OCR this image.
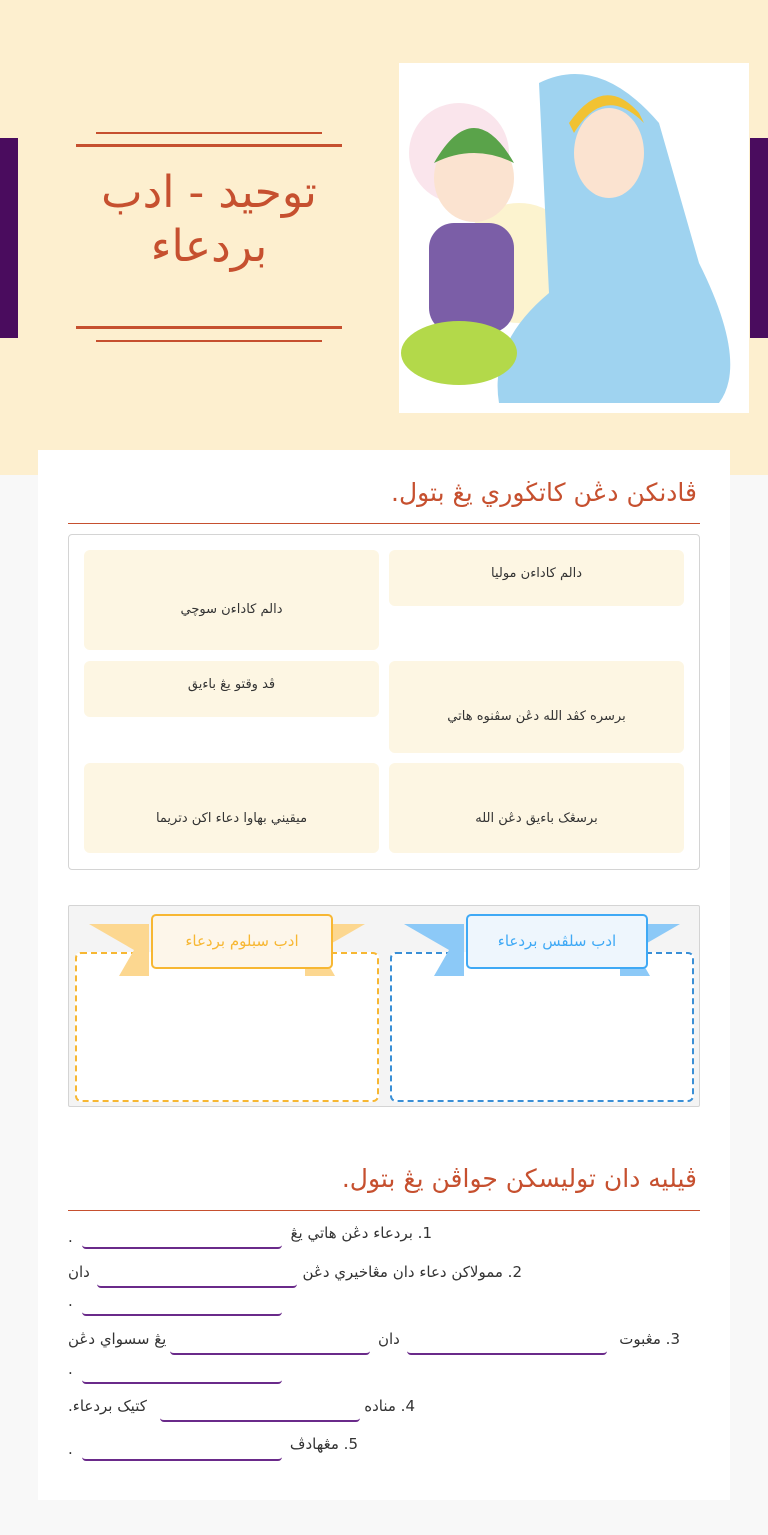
توحيد - ادب
بردعاء
ڤادنكن دڠن كاتڬوري يڠ بتول.
دالم كاداءن موليا
دالم كاداءن سوچي
برسره كڤد الله دڠن سڤنوه هاتي
ڤد وقتو يڠ باءيق
برسڠک باءيق دڠن الله
ميقيني بهاوا دعاء اكن دتريما
ادب سلڤس بردعاء
ادب سبلوم بردعاء
ڤيليه دان توليسكن جواڤن يڠ بتول.
1. بردعاء دڠن هاتي يڠ
.
2. ممولاكن دعاء دان مڠاخيري دڠن
دان
.
3. مڠبوت
دان
يڠ سسواي دڠن
.
4. مناده
كتيک بردعاء.
5. مڠهادڤ
.
